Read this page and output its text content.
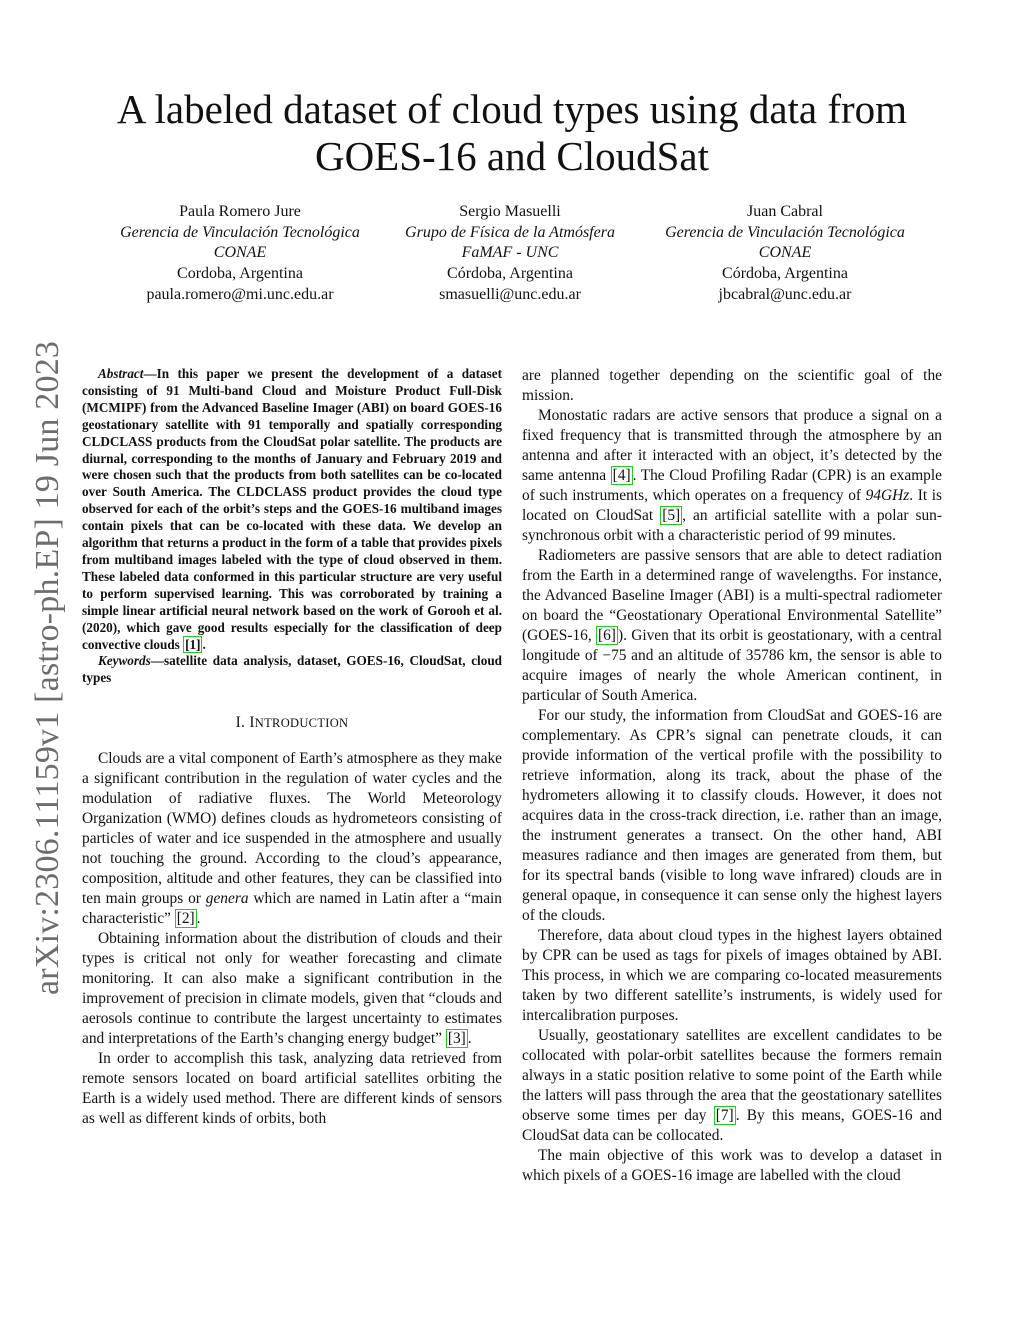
arXiv:2306.11159v1 [astro-ph.EP] 19 Jun 2023
A labeled dataset of cloud types using data from GOES-16 and CloudSat
Paula Romero Jure
Gerencia de Vinculación Tecnológica
CONAE
Cordoba, Argentina
paula.romero@mi.unc.edu.ar
Sergio Masuelli
Grupo de Física de la Atmósfera
FaMAF - UNC
Córdoba, Argentina
smasuelli@unc.edu.ar
Juan Cabral
Gerencia de Vinculación Tecnológica
CONAE
Córdoba, Argentina
jbcabral@unc.edu.ar

Abstract—In this paper we present the development of a dataset consisting of 91 Multi-band Cloud and Moisture Product Full-Disk (MCMIPF) from the Advanced Baseline Imager (ABI) on board GOES-16 geostationary satellite with 91 temporally and spatially corresponding CLDCLASS products from the CloudSat polar satellite. The products are diurnal, corresponding to the months of January and February 2019 and were chosen such that the products from both satellites can be co-located over South America. The CLDCLASS product provides the cloud type observed for each of the orbit’s steps and the GOES-16 multiband images contain pixels that can be co-located with these data. We develop an algorithm that returns a product in the form of a table that provides pixels from multiband images labeled with the type of cloud observed in them. These labeled data conformed in this particular structure are very useful to perform supervised learning. This was corroborated by training a simple linear artificial neural network based on the work of Gorooh et al. (2020), which gave good results especially for the classification of deep convective clouds [1] .

Keywords—satellite data analysis, dataset, GOES-16, CloudSat, cloud types

I. INTRODUCTION

Clouds are a vital component of Earth’s atmosphere as they make a significant contribution in the regulation of water cycles and the modulation of radiative fluxes. The World Meteorology Organization (WMO) defines clouds as hydrometeors consisting of particles of water and ice suspended in the atmosphere and usually not touching the ground. According to the cloud’s appearance, composition, altitude and other features, they can be classified into ten main groups or genera which are named in Latin after a “main characteristic” [2] .

Obtaining information about the distribution of clouds and their types is critical not only for weather forecasting and climate monitoring. It can also make a significant contribution in the improvement of precision in climate models, given that “clouds and aerosols continue to contribute the largest uncertainty to estimates and interpretations of the Earth’s changing energy budget” [3] .

In order to accomplish this task, analyzing data retrieved from remote sensors located on board artificial satellites orbiting the Earth is a widely used method. There are different kinds of sensors as well as different kinds of orbits, both

are planned together depending on the scientific goal of the mission.

Monostatic radars are active sensors that produce a signal on a fixed frequency that is transmitted through the atmosphere by an antenna and after it interacted with an object, it’s detected by the same antenna [4] . The Cloud Profiling Radar (CPR) is an example of such instruments, which operates on a frequency of 94GHz. It is located on CloudSat [5] , an artificial satellite with a polar sun-synchronous orbit with a characteristic period of 99 minutes.

Radiometers are passive sensors that are able to detect radiation from the Earth in a determined range of wavelengths. For instance, the Advanced Baseline Imager (ABI) is a multi-spectral radiometer on board the “Geostationary Operational Environmental Satellite” (GOES-16, [6] ). Given that its orbit is geostationary, with a central longitude of −75 and an altitude of 35786 km, the sensor is able to acquire images of nearly the whole American continent, in particular of South America.

For our study, the information from CloudSat and GOES-16 are complementary. As CPR’s signal can penetrate clouds, it can provide information of the vertical profile with the possibility to retrieve information, along its track, about the phase of the hydrometers allowing it to classify clouds. However, it does not acquires data in the cross-track direction, i.e. rather than an image, the instrument generates a transect. On the other hand, ABI measures radiance and then images are generated from them, but for its spectral bands (visible to long wave infrared) clouds are in general opaque, in consequence it can sense only the highest layers of the clouds.

Therefore, data about cloud types in the highest layers obtained by CPR can be used as tags for pixels of images obtained by ABI. This process, in which we are comparing co-located measurements taken by two different satellite’s instruments, is widely used for intercalibration purposes.

Usually, geostationary satellites are excellent candidates to be collocated with polar-orbit satellites because the formers remain always in a static position relative to some point of the Earth while the latters will pass through the area that the geostationary satellites observe some times per day [7] . By this means, GOES-16 and CloudSat data can be collocated.

The main objective of this work was to develop a dataset in which pixels of a GOES-16 image are labelled with the cloud
